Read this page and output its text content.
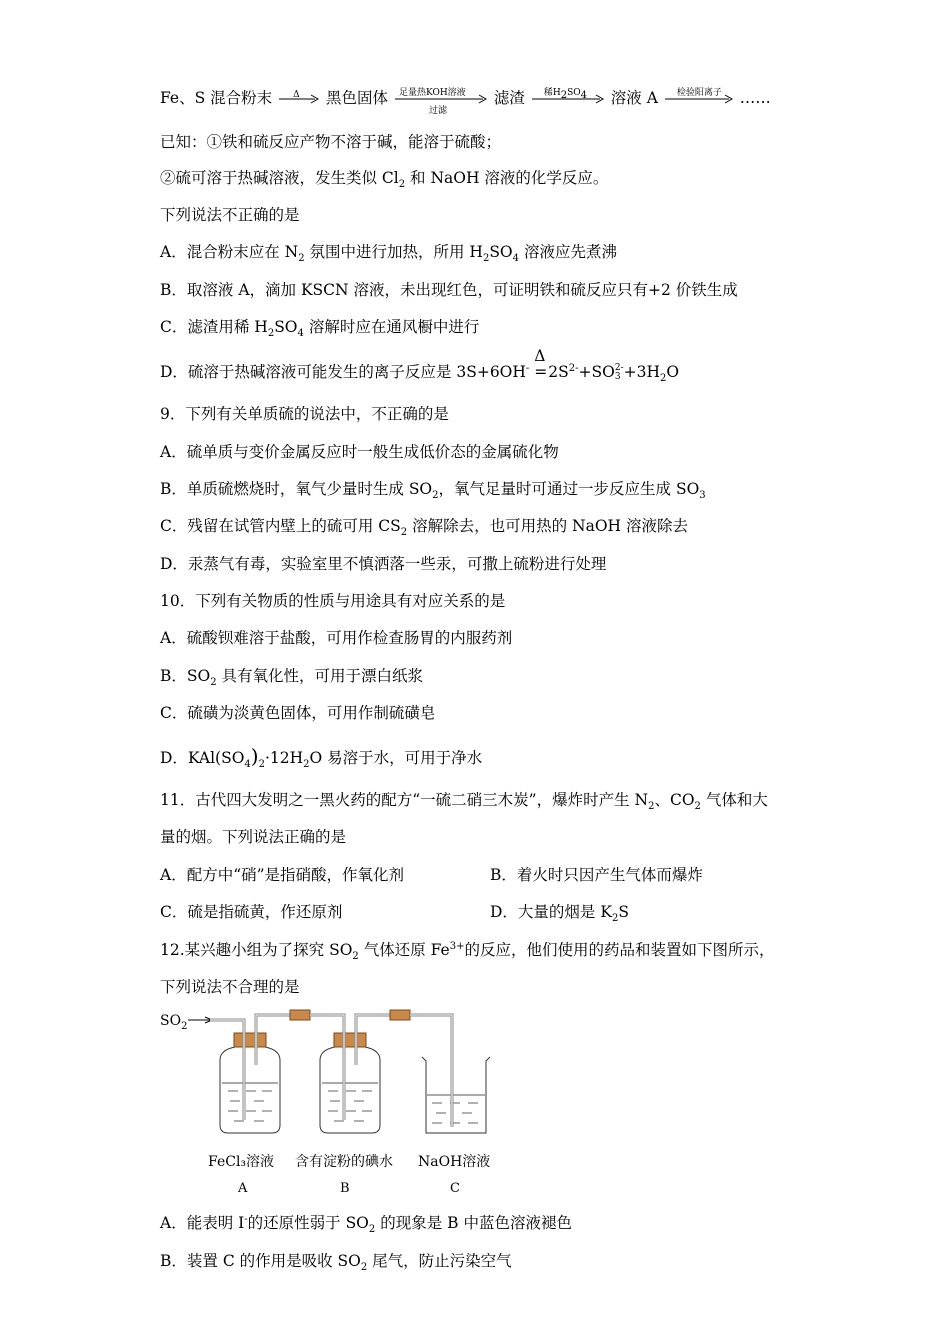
Fe、S 混合粉末 Δ 黑色固体 足量热KOH溶液
过滤
滤渣 稀$H_2SO_4$ 溶液 A 检验阳离子 ……
已知：①铁和硫反应产物不溶于碱，能溶于硫酸；
②硫可溶于热碱溶液，发生类似 $Cl_2$ 和 NaOH 溶液的化学反应。
下列说法不正确的是
A．混合粉末应在 $N_2$ 氛围中进行加热，所用 $H_2SO_4$ 溶液应先煮沸
B．取溶液 A，滴加 KSCN 溶液，未出现红色，可证明铁和硫反应只有+2 价铁生成
C．滤渣用稀 $H_2SO_4$ 溶解时应在通风橱中进行
D．硫溶于热碱溶液可能发生的离子反应是 3S+6OH-
Δ
$=2S^{2-}+SO$ 2-
$3 +3H_2O$
9．下列有关单质硫的说法中，不正确的是
A．硫单质与变价金属反应时一般生成低价态的金属硫化物
B．单质硫燃烧时，氧气少量时生成 $SO_2$，氧气足量时可通过一步反应生成 $SO_3$
C．残留在试管内壁上的硫可用 $CS_2$ 溶解除去，也可用热的 NaOH 溶液除去
D．汞蒸气有毒，实验室里不慎洒落一些汞，可撒上硫粉进行处理
10．下列有关物质的性质与用途具有对应关系的是
A．硫酸钡难溶于盐酸，可用作检查肠胃的内服药剂
B．$SO_2$ 具有氧化性，可用于漂白纸浆
C．硫磺为淡黄色固体，可用作制硫磺皂
D．$KAl(SO_4)_2\cdot 12H_2O$ 易溶于水，可用于净水
11．古代四大发明之一黑火药的配方“一硫二硝三木炭”，爆炸时产生 $N_2$、$CO_2$ 气体和大
量的烟。下列说法正确的是
A．配方中“硝”是指硝酸，作氧化剂	B．着火时只因产生气体而爆炸
C．硫是指硫黄，作还原剂	D．大量的烟是 $K_2S$
12.某兴趣小组为了探究 $SO_2$ 气体还原 $Fe^{3+}$的反应，他们使用的药品和装置如下图所示，
下列说法不合理的是
$SO_2$
FeCl₃溶液 含有淀粉的碘水 NaOH溶液
A	B	C
A．能表明 I-的还原性弱于 $SO_2$ 的现象是 B 中蓝色溶液褪色
B．装置 C 的作用是吸收 $SO_2$ 尾气，防止污染空气
